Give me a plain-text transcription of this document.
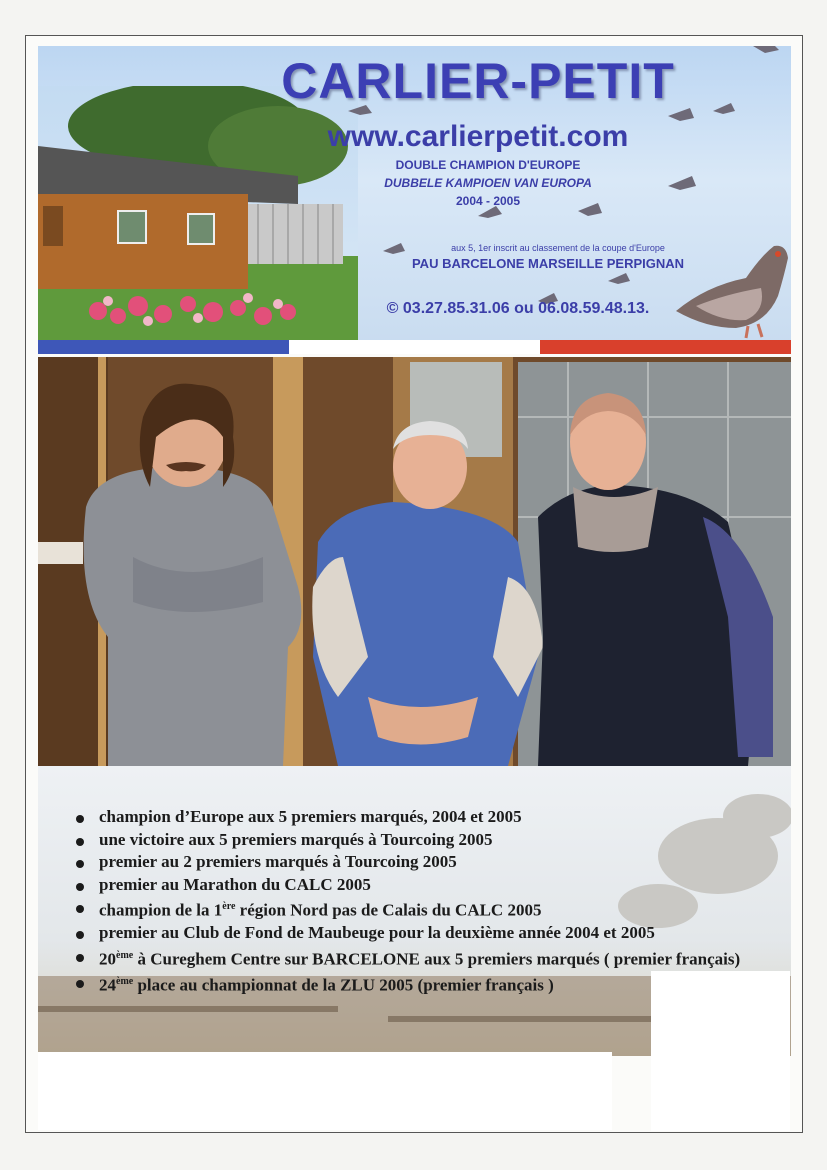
CARLIER-PETIT
www.carlierpetit.com
DOUBLE CHAMPION D'EUROPE
DUBBELE KAMPIOEN VAN EUROPA
2004 - 2005
aux 5, 1er inscrit au classement de la coupe d'Europe
PAU BARCELONE MARSEILLE PERPIGNAN
© 03.27.85.31.06 ou 06.08.59.48.13.
champion d’Europe aux 5 premiers marqués, 2004 et 2005
une victoire aux 5 premiers marqués à Tourcoing 2005
premier au 2 premiers marqués à Tourcoing 2005
premier au Marathon du CALC 2005
champion de la 1ère région Nord pas de Calais du CALC 2005
premier au Club de Fond de Maubeuge pour la deuxième année 2004 et 2005
20ème à Cureghem Centre sur BARCELONE aux 5 premiers marqués ( premier français)
24ème place au championnat de la ZLU 2005 (premier français )
